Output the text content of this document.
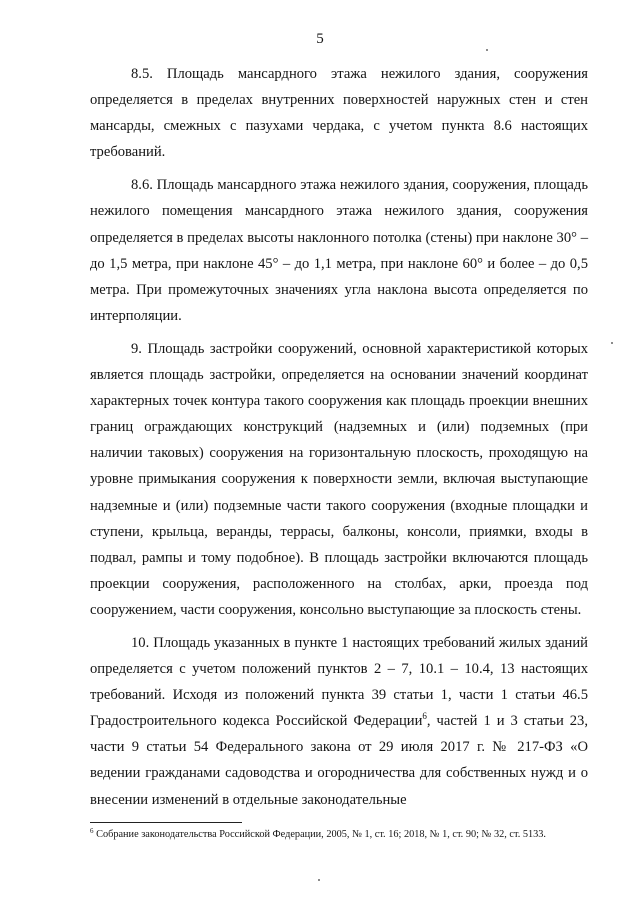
5

8.5. Площадь мансардного этажа нежилого здания, сооружения определяется в пределах внутренних поверхностей наружных стен и стен мансарды, смежных с пазухами чердака, с учетом пункта 8.6 настоящих требований.

8.6. Площадь мансардного этажа нежилого здания, сооружения, площадь нежилого помещения мансардного этажа нежилого здания, сооружения определяется в пределах высоты наклонного потолка (стены) при наклоне 30° – до 1,5 метра, при наклоне 45° – до 1,1 метра, при наклоне 60° и более – до 0,5 метра. При промежуточных значениях угла наклона высота определяется по интерполяции.

9. Площадь застройки сооружений, основной характеристикой которых является площадь застройки, определяется на основании значений координат характерных точек контура такого сооружения как площадь проекции внешних границ ограждающих конструкций (надземных и (или) подземных (при наличии таковых) сооружения на горизонтальную плоскость, проходящую на уровне примыкания сооружения к поверхности земли, включая выступающие надземные и (или) подземные части такого сооружения (входные площадки и ступени, крыльца, веранды, террасы, балконы, консоли, приямки, входы в подвал, рампы и тому подобное). В площадь застройки включаются площадь проекции сооружения, расположенного на столбах, арки, проезда под сооружением, части сооружения, консольно выступающие за плоскость стены.

10. Площадь указанных в пункте 1 настоящих требований жилых зданий определяется с учетом положений пунктов 2 – 7, 10.1 – 10.4, 13 настоящих требований. Исходя из положений пункта 39 статьи 1, части 1 статьи 46.5 Градостроительного кодекса Российской Федерации$^6$, частей 1 и 3 статьи 23, части 9 статьи 54 Федерального закона от 29 июля 2017 г. № 217-ФЗ «О ведении гражданами садоводства и огородничества для собственных нужд и о внесении изменений в отдельные законодательные

$^6$ Собрание законодательства Российской Федерации, 2005, № 1, ст. 16; 2018, № 1, ст. 90; № 32, ст. 5133.
